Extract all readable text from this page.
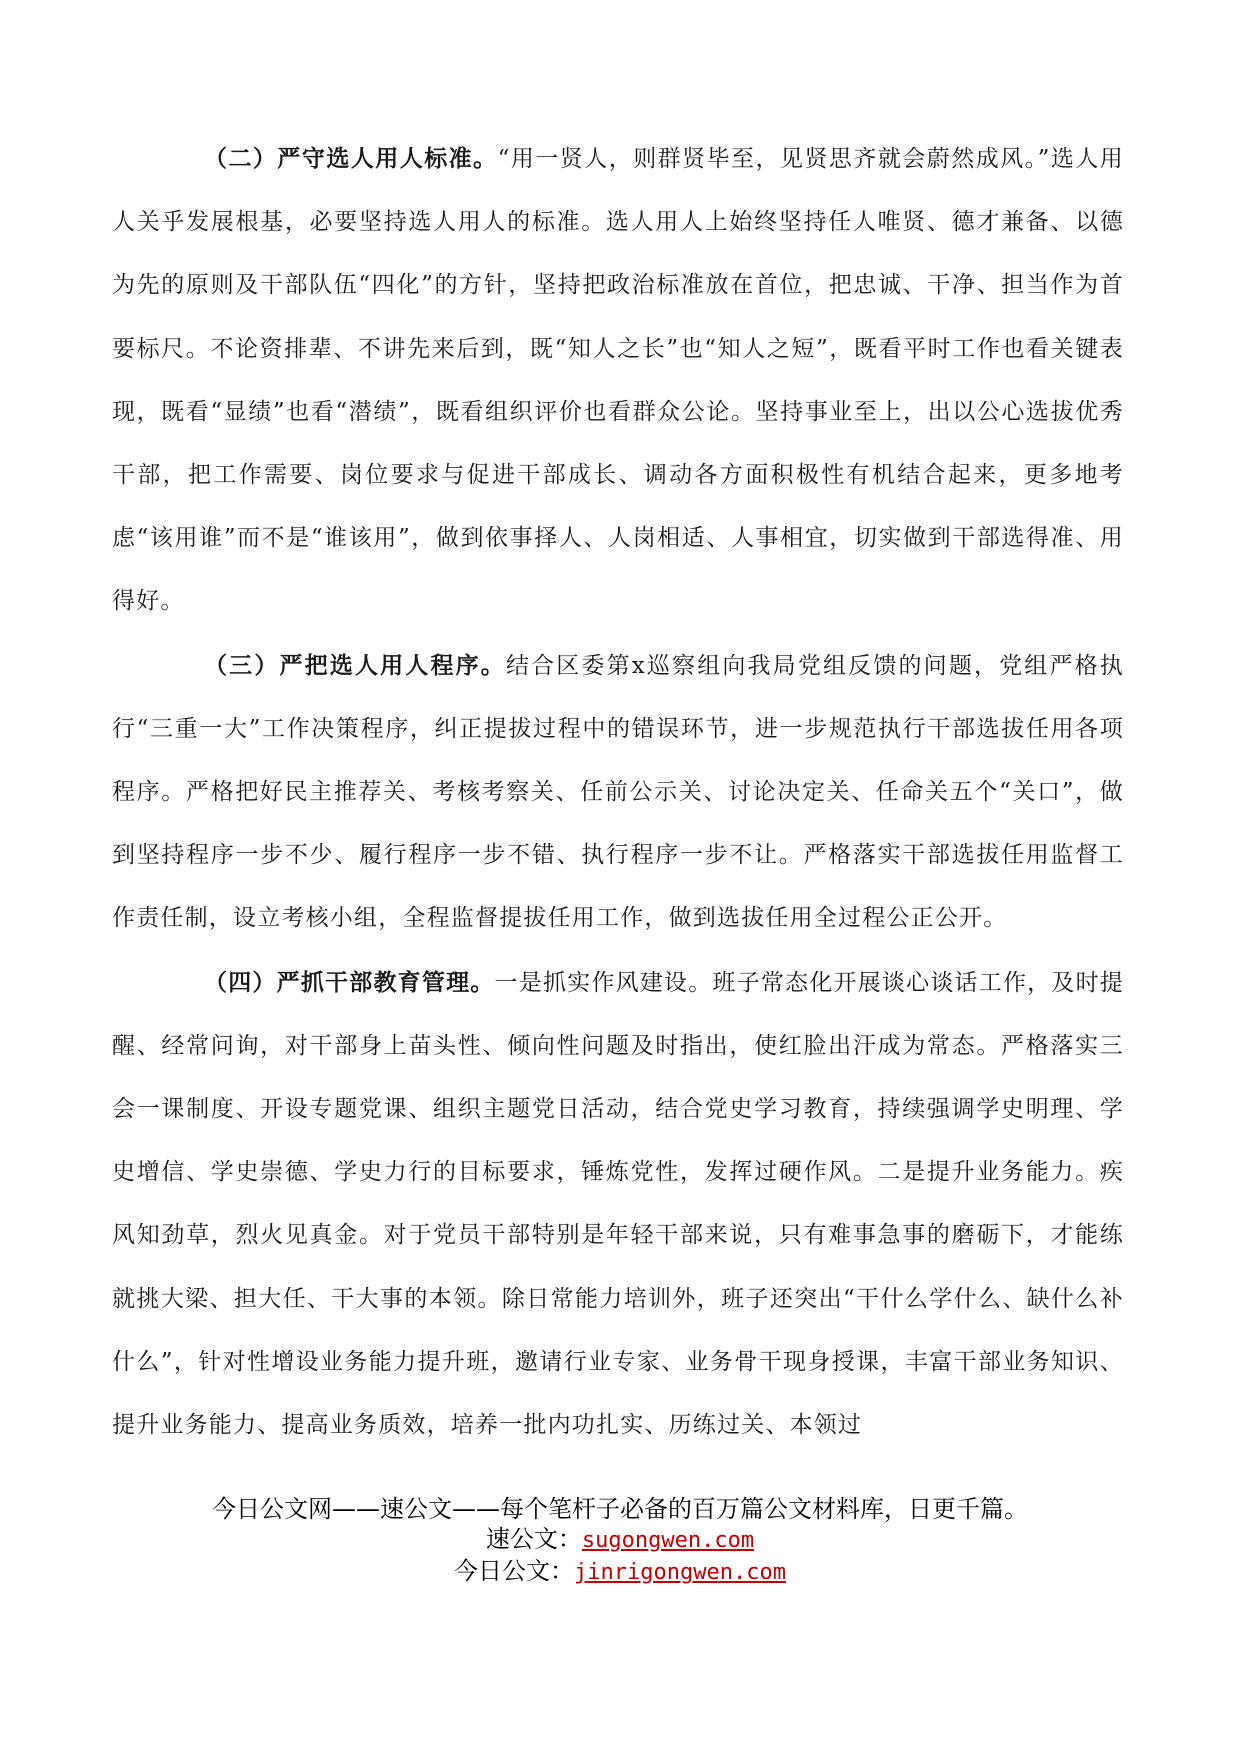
（二）严守选人用人标准。“用一贤人，则群贤毕至，见贤思齐就会蔚然成风。”选人用人关乎发展根基，必要坚持选人用人的标准。选人用人上始终坚持任人唯贤、德才兼备、以德为先的原则及干部队伍“四化”的方针，坚持把政治标准放在首位，把忠诚、干净、担当作为首要标尺。不论资排辈、不讲先来后到，既“知人之长”也“知人之短”，既看平时工作也看关键表现，既看“显绩”也看“潜绩”，既看组织评价也看群众公论。坚持事业至上，出以公心选拔优秀干部，把工作需要、岗位要求与促进干部成长、调动各方面积极性有机结合起来，更多地考虑“该用谁”而不是“谁该用”，做到依事择人、人岗相适、人事相宜，切实做到干部选得准、用得好。

（三）严把选人用人程序。结合区委第x巡察组向我局党组反馈的问题，党组严格执行“三重一大”工作决策程序，纠正提拔过程中的错误环节，进一步规范执行干部选拔任用各项程序。严格把好民主推荐关、考核考察关、任前公示关、讨论决定关、任命关五个“关口”，做到坚持程序一步不少、履行程序一步不错、执行程序一步不让。严格落实干部选拔任用监督工作责任制，设立考核小组，全程监督提拔任用工作，做到选拔任用全过程公正公开。

（四）严抓干部教育管理。一是抓实作风建设。班子常态化开展谈心谈话工作，及时提醒、经常问询，对干部身上苗头性、倾向性问题及时指出，使红脸出汗成为常态。严格落实三会一课制度、开设专题党课、组织主题党日活动，结合党史学习教育，持续强调学史明理、学史增信、学史崇德、学史力行的目标要求，锤炼党性，发挥过硬作风。二是提升业务能力。疾风知劲草，烈火见真金。对于党员干部特别是年轻干部来说，只有难事急事的磨砺下，才能练就挑大梁、担大任、干大事的本领。除日常能力培训外，班子还突出“干什么学什么、缺什么补什么”，针对性增设业务能力提升班，邀请行业专家、业务骨干现身授课，丰富干部业务知识、提升业务能力、提高业务质效，培养一批内功扎实、历练过关、本领过

今日公文网——速公文——每个笔杆子必备的百万篇公文材料库，日更千篇。

速公文：sugongwen.com

今日公文：jinrigongwen.com
